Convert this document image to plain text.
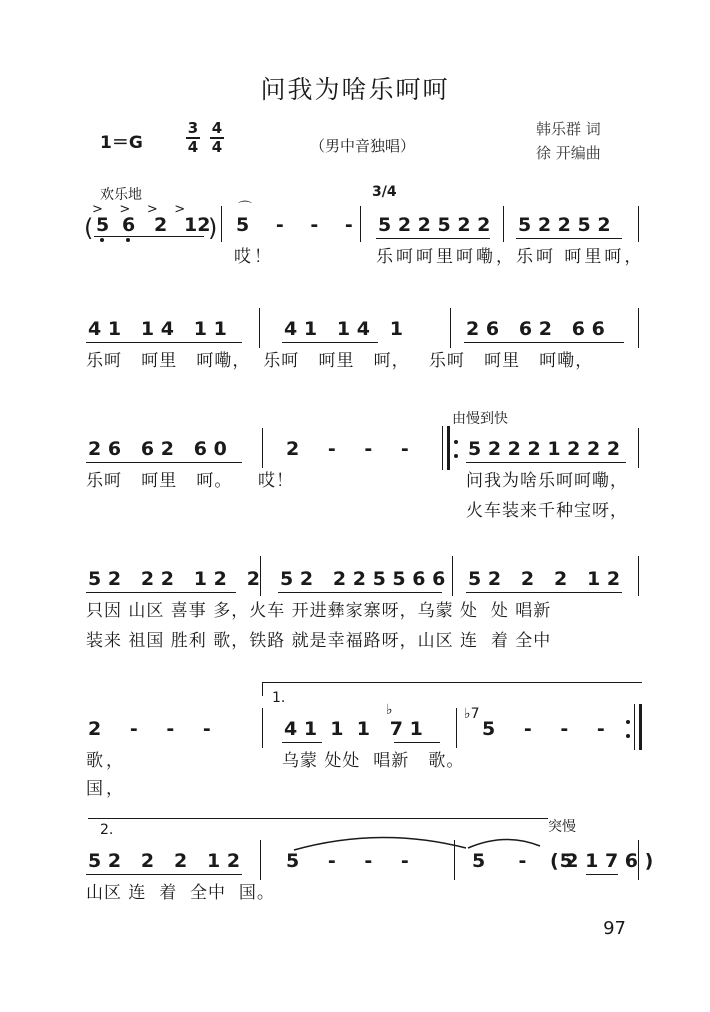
问我为啥乐呵呵
1＝G
3
4
4
4	（男中音独唱）
韩乐群 词
徐 开编曲
欢乐地	3/4
>    >    >    >
( 5 6 2 12
)
⌒
5 - - - 5 2 2 5 2 2 5 2 2 5 2
哎！	乐呵呵里呵嘞，乐呵 呵里呵，
4 1   1 4   1 1	4 1   1 4   1	2 6   6 2   6 6
乐呵   呵里   呵嘞，  乐呵   呵里   呵，   乐呵   呵里   呵嘞，
由慢到快
2 6   6 2   6 0	2 - - -	5 2 2 2 1 2 2 2
乐呵   呵里   呵。    哎！	问我为啥乐呵呵嘞，
火车装来千种宝呀，
5 2   2 2   1 2   2 5 2   2 2 5 5 6 6 5 2   2   2   1 2
只因 山区 喜事 多，火车 开进彝家寨呀，乌蒙 处  处 唱新
装来 祖国 胜利 歌，铁路 就是幸福路呀，山区 连  着 全中
1.
2 - - -
♭
4 1  1  1   7 1
♭7
5 - - -
歌，
国，
乌蒙 处处  唱新   歌。
2.	突慢
5 2   2   2   1 2 5 - - -	5  -  5
( 2 1 7 6 )
山区 连  着  全中  国。
97
